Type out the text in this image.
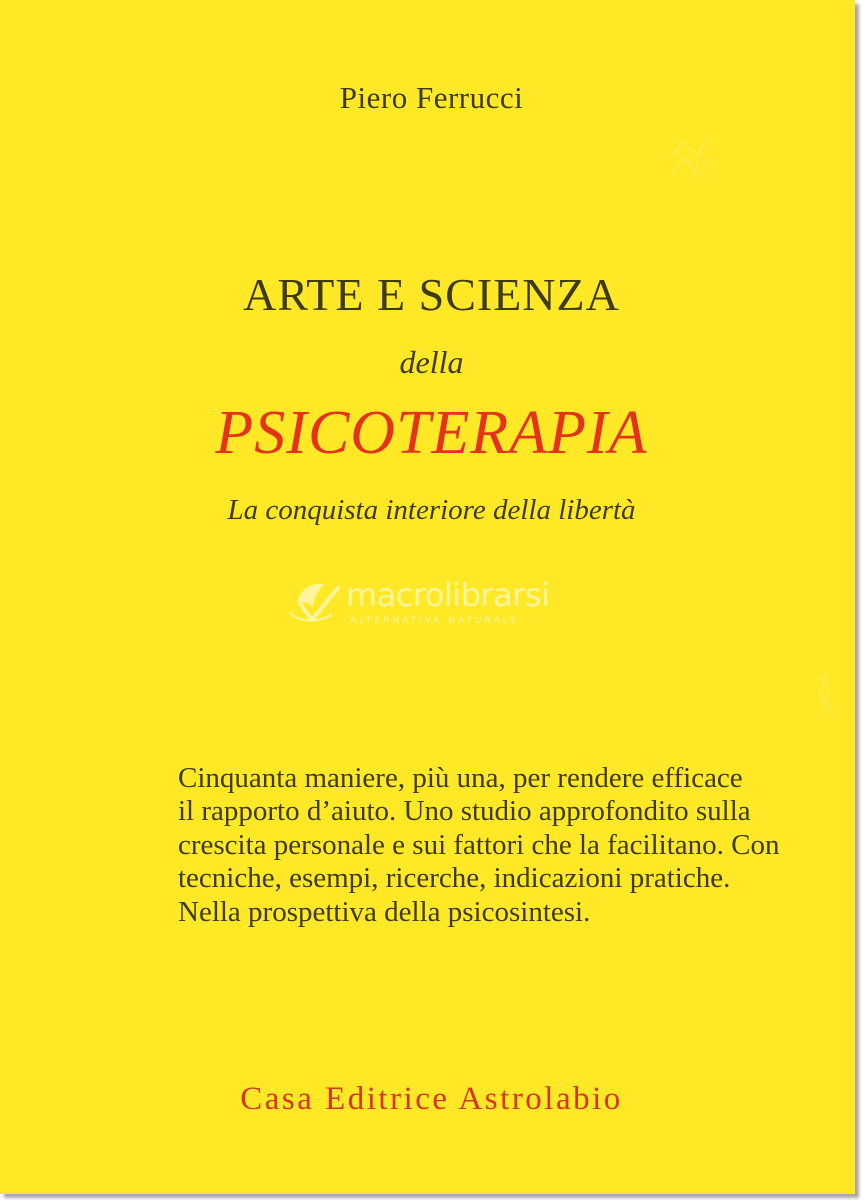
Piero Ferrucci
ARTE E SCIENZA
della
PSICOTERAPIA
La conquista interiore della libertà
macrolibrarsi
ALTERNATIVA NATURALE
Cinquanta maniere, più una, per rendere efficace
il rapporto d’aiuto. Uno studio approfondito sulla
crescita personale e sui fattori che la facilitano. Con
tecniche, esempi, ricerche, indicazioni pratiche.
Nella prospettiva della psicosintesi.
Casa Editrice Astrolabio
